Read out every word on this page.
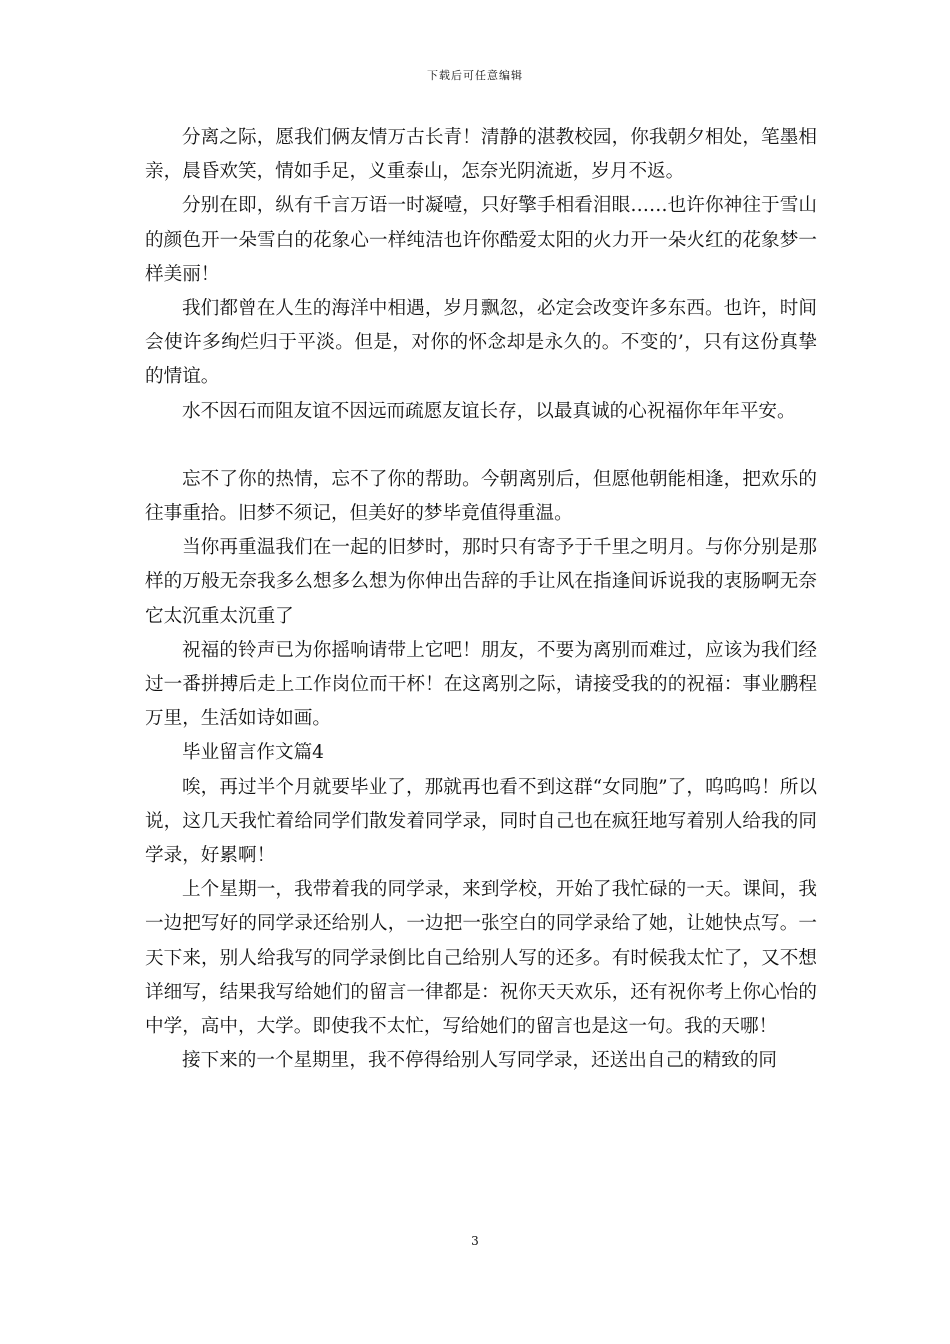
下载后可任意编辑

分离之际，愿我们俩友情万古长青！清静的湛教校园，你我朝夕相处，笔墨相亲，晨昏欢笑，情如手足，义重泰山，怎奈光阴流逝，岁月不返。

分别在即，纵有千言万语一时凝噎，只好擎手相看泪眼……也许你神往于雪山的颜色开一朵雪白的花象心一样纯洁也许你酷爱太阳的火力开一朵火红的花象梦一样美丽！

我们都曾在人生的海洋中相遇，岁月飘忽，必定会改变许多东西。也许，时间会使许多绚烂归于平淡。但是，对你的怀念却是永久的。不变的’，只有这份真挚的情谊。

水不因石而阻友谊不因远而疏愿友谊长存，以最真诚的心祝福你年年平安。

忘不了你的热情，忘不了你的帮助。今朝离别后，但愿他朝能相逢，把欢乐的往事重拾。旧梦不须记，但美好的梦毕竟值得重温。

当你再重温我们在一起的旧梦时，那时只有寄予于千里之明月。与你分别是那样的万般无奈我多么想多么想为你伸出告辞的手让风在指逢间诉说我的衷肠啊无奈它太沉重太沉重了

祝福的铃声已为你摇响请带上它吧！朋友，不要为离别而难过，应该为我们经过一番拼搏后走上工作岗位而干杯！在这离别之际，请接受我的的祝福：事业鹏程万里，生活如诗如画。

毕业留言作文篇4

唉，再过半个月就要毕业了，那就再也看不到这群“女同胞”了，呜呜呜！所以说，这几天我忙着给同学们散发着同学录，同时自己也在疯狂地写着别人给我的同学录，好累啊！

上个星期一，我带着我的同学录，来到学校，开始了我忙碌的一天。课间，我一边把写好的同学录还给别人，一边把一张空白的同学录给了她，让她快点写。一天下来，别人给我写的同学录倒比自己给别人写的还多。有时候我太忙了，又不想详细写，结果我写给她们的留言一律都是：祝你天天欢乐，还有祝你考上你心怡的中学，高中，大学。即使我不太忙，写给她们的留言也是这一句。我的天哪！

接下来的一个星期里，我不停得给别人写同学录，还送出自己的精致的同

3
